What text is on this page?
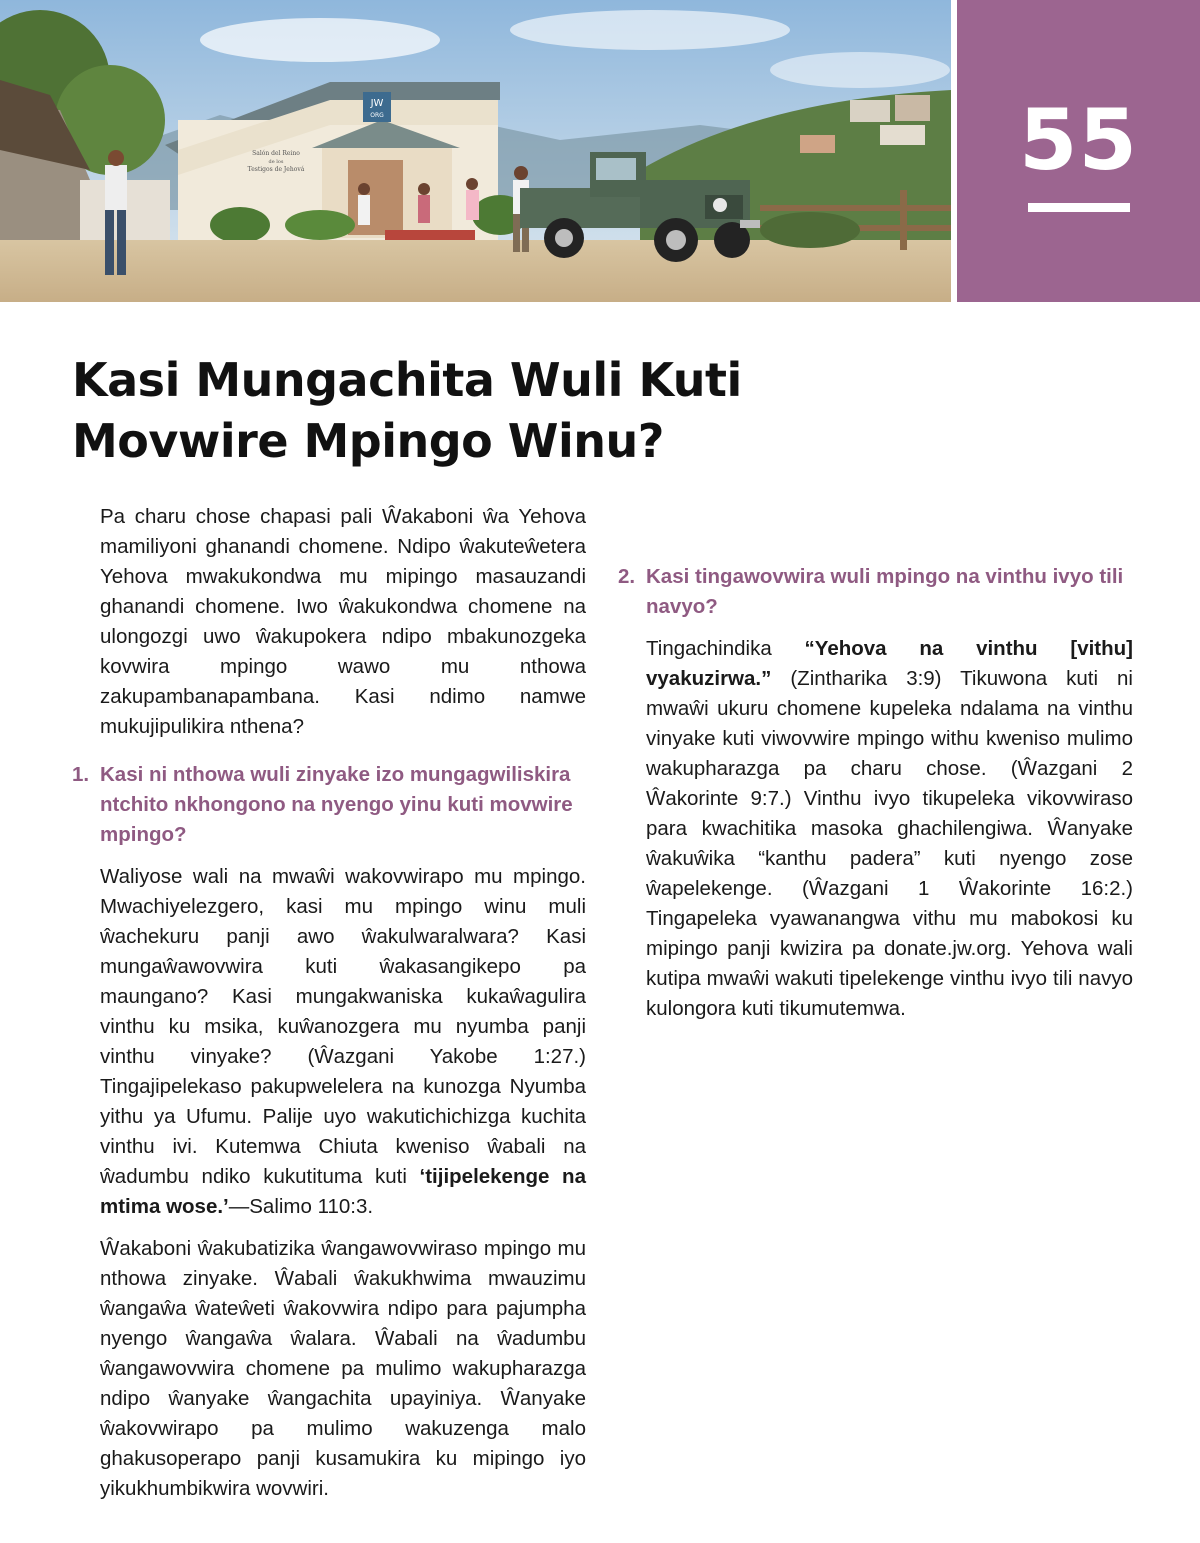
JW
ORG
Salón del Reino
de los
Testigos de Jehová	55
Kasi Mungachita Wuli Kuti Movwire Mpingo Winu?

Pa charu chose chapasi pali Ŵakaboni ŵa Yehova mamiliyoni ghanandi chomene. Ndipo ŵakuteŵetera Yehova mwakukondwa mu mipingo masauzandi ghanandi chomene. Iwo ŵakukondwa chomene na ulongozgi uwo ŵakupokera ndipo mbakunozgeka kovwira mpingo wawo mu nthowa zakupambanapambana. Kasi ndimo namwe mukujipulikira nthena?

1. Kasi ni nthowa wuli zinyake izo mungagwiliskira ntchito nkhongono na nyengo yinu kuti movwire mpingo?

Waliyose wali na mwaŵi wakovwirapo mu mpingo. Mwachiyelezgero, kasi mu mpingo winu muli ŵachekuru panji awo ŵakulwaralwara? Kasi mungaŵawovwira kuti ŵakasangikepo pa maungano? Kasi mungakwaniska kukaŵagulira vinthu ku msika, kuŵanozgera mu nyumba panji vinthu vinyake? (Ŵazgani Yakobe 1:27.) Tingajipelekaso pakupwelelera na kunozga Nyumba yithu ya Ufumu. Palije uyo wakutichichizga kuchita vinthu ivi. Kutemwa Chiuta kweniso ŵabali na ŵadumbu ndiko kukutituma kuti ‘tijipelekenge na mtima wose.’—Salimo 110:3.

Ŵakaboni ŵakubatizika ŵangawovwiraso mpingo mu nthowa zinyake. Ŵabali ŵakukhwima mwauzimu ŵangaŵa ŵateŵeti ŵakovwira ndipo para pajumpha nyengo ŵangaŵa ŵalara. Ŵabali na ŵadumbu ŵangawovwira chomene pa mulimo wakupharazga ndipo ŵanyake ŵangachita upayiniya. Ŵanyake ŵakovwirapo pa mulimo wakuzenga malo ghakusoperapo panji kusamukira ku mipingo iyo yikukhumbikwira wovwiri.

2. Kasi tingawovwira wuli mpingo na vinthu ivyo tili navyo?

Tingachindika “Yehova na vinthu [vithu] vyakuzirwa.” (Zintharika 3:9) Tikuwona kuti ni mwaŵi ukuru chomene kupeleka ndalama na vinthu vinyake kuti viwovwire mpingo withu kweniso mulimo wakupharazga pa charu chose. (Ŵazgani 2 Ŵakorinte 9:7.) Vinthu ivyo tikupeleka vikovwiraso para kwachitika masoka ghachilengiwa. Ŵanyake ŵakuŵika “kanthu padera” kuti nyengo zose ŵapelekenge. (Ŵazgani 1 Ŵakorinte 16:2.) Tingapeleka vyawanangwa vithu mu mabokosi ku mipingo panji kwizira pa donate.jw.org. Yehova wali kutipa mwaŵi wakuti tipelekenge vinthu ivyo tili navyo kulongora kuti tikumutemwa.
